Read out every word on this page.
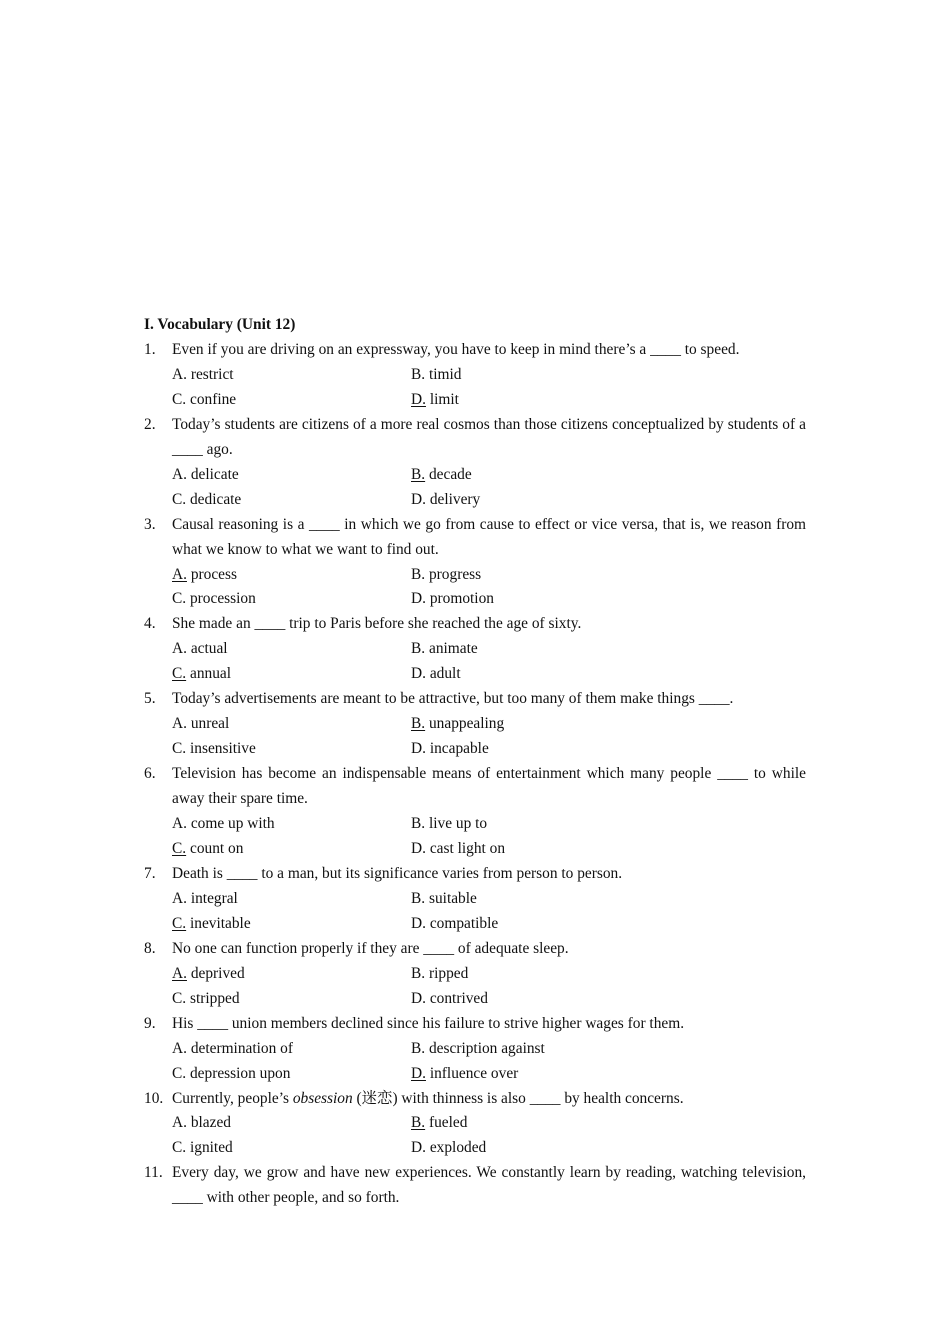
I. Vocabulary (Unit 12)
1.	Even if you are driving on an expressway, you have to keep in mind there’s a ____ to speed.
A. restrict	B. timid
C. confine	D. limit
2.	Today’s students are citizens of a more real cosmos than those citizens conceptualized by students of a ____ ago.
A. delicate	B. decade
C. dedicate	D. delivery
3.	Causal reasoning is a ____ in which we go from cause to effect or vice versa, that is, we reason from what we know to what we want to find out.
A. process	B. progress
C. procession	D. promotion
4.	She made an ____ trip to Paris before she reached the age of sixty.
A. actual	B. animate
C. annual	D. adult
5.	Today’s advertisements are meant to be attractive, but too many of them make things ____.
A. unreal	B. unappealing
C. insensitive	D. incapable
6.	Television has become an indispensable means of entertainment which many people ____ to while away their spare time.
A. come up with	B. live up to
C. count on	D. cast light on
7.	Death is ____ to a man, but its significance varies from person to person.
A. integral	B. suitable
C. inevitable	D. compatible
8.	No one can function properly if they are ____ of adequate sleep.
A. deprived	B. ripped
C. stripped	D. contrived
9.	His ____ union members declined since his failure to strive higher wages for them.
A. determination of	B. description against
C. depression upon	D. influence over
10. Currently, people’s obsession (迷恋) with thinness is also ____ by health concerns.
A. blazed	B. fueled
C. ignited	D. exploded
11. Every day, we grow and have new experiences. We constantly learn by reading, watching television, ____ with other people, and so forth.
